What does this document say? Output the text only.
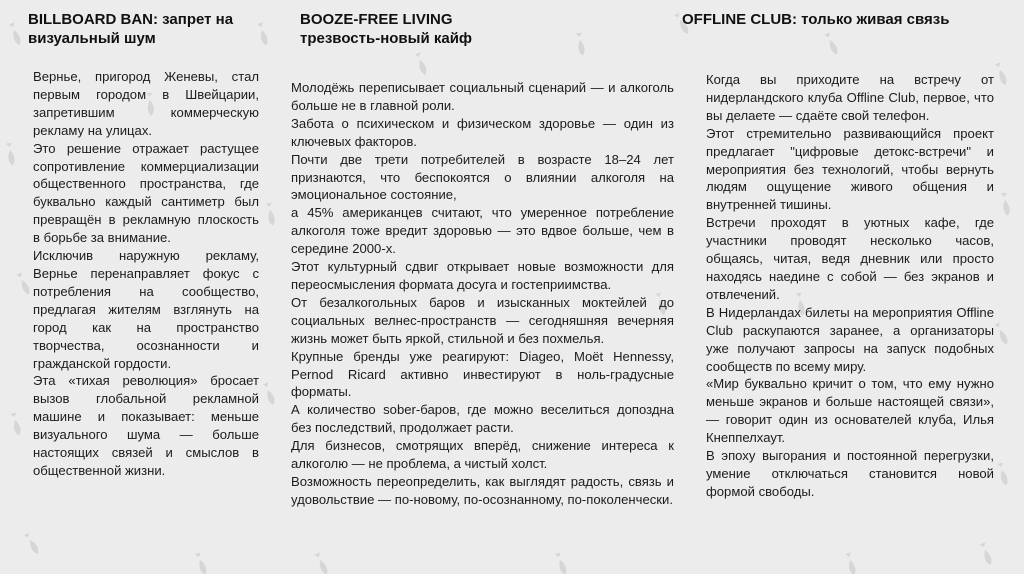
BILLBOARD BAN: запрет на визуальный шум

Вернье, пригород Женевы, стал первым городом в Швейцарии, запретившим коммерческую рекламу на улицах.

Это решение отражает растущее сопротивление коммерциализации общественного пространства, где буквально каждый сантиметр был превращён в рекламную плоскость в борьбе за внимание.

Исключив наружную рекламу, Вернье перенаправляет фокус с потребления на сообщество, предлагая жителям взглянуть на город как на пространство творчества, осознанности и гражданской гордости.

Эта «тихая революция» бросает вызов глобальной рекламной машине и показывает: меньше визуального шума — больше настоящих связей и смыслов в общественной жизни.

BOOZE-FREE LIVING
трезвость-новый кайф

Молодёжь переписывает социальный сценарий — и алкоголь больше не в главной роли.

Забота о психическом и физическом здоровье — один из ключевых факторов.

Почти две трети потребителей в возрасте 18–24 лет признаются, что беспокоятся о влиянии алкоголя на эмоциональное состояние,

а 45% американцев считают, что умеренное потребление алкоголя тоже вредит здоровью — это вдвое больше, чем в середине 2000-х.

Этот культурный сдвиг открывает новые возможности для переосмысления формата досуга и гостеприимства.

От безалкогольных баров и изысканных моктейлей до социальных велнес-пространств — сегодняшняя вечерняя жизнь может быть яркой, стильной и без похмелья.

Крупные бренды уже реагируют: Diageo, Moët Hennessy, Pernod Ricard активно инвестируют в ноль-градусные форматы.

А количество sober-баров, где можно веселиться допоздна без последствий, продолжает расти.

Для бизнесов, смотрящих вперёд, снижение интереса к алкоголю — не проблема, а чистый холст.

Возможность переопределить, как выглядят радость, связь и удовольствие — по-новому, по-осознанному, по-поколенчески.

OFFLINE CLUB: только живая связь

Когда вы приходите на встречу от нидерландского клуба Offline Club, первое, что вы делаете — сдаёте свой телефон.

Этот стремительно развивающийся проект предлагает "цифровые детокс-встречи" и мероприятия без технологий, чтобы вернуть людям ощущение живого общения и внутренней тишины.

Встречи проходят в уютных кафе, где участники проводят несколько часов, общаясь, читая, ведя дневник или просто находясь наедине с собой — без экранов и отвлечений.

В Нидерландах билеты на мероприятия Offline Club раскупаются заранее, а организаторы уже получают запросы на запуск подобных сообществ по всему миру.

«Мир буквально кричит о том, что ему нужно меньше экранов и больше настоящей связи», — говорит один из основателей клуба, Илья Кнеппелхаут.

В эпоху выгорания и постоянной перегрузки, умение отключаться становится новой формой свободы.
